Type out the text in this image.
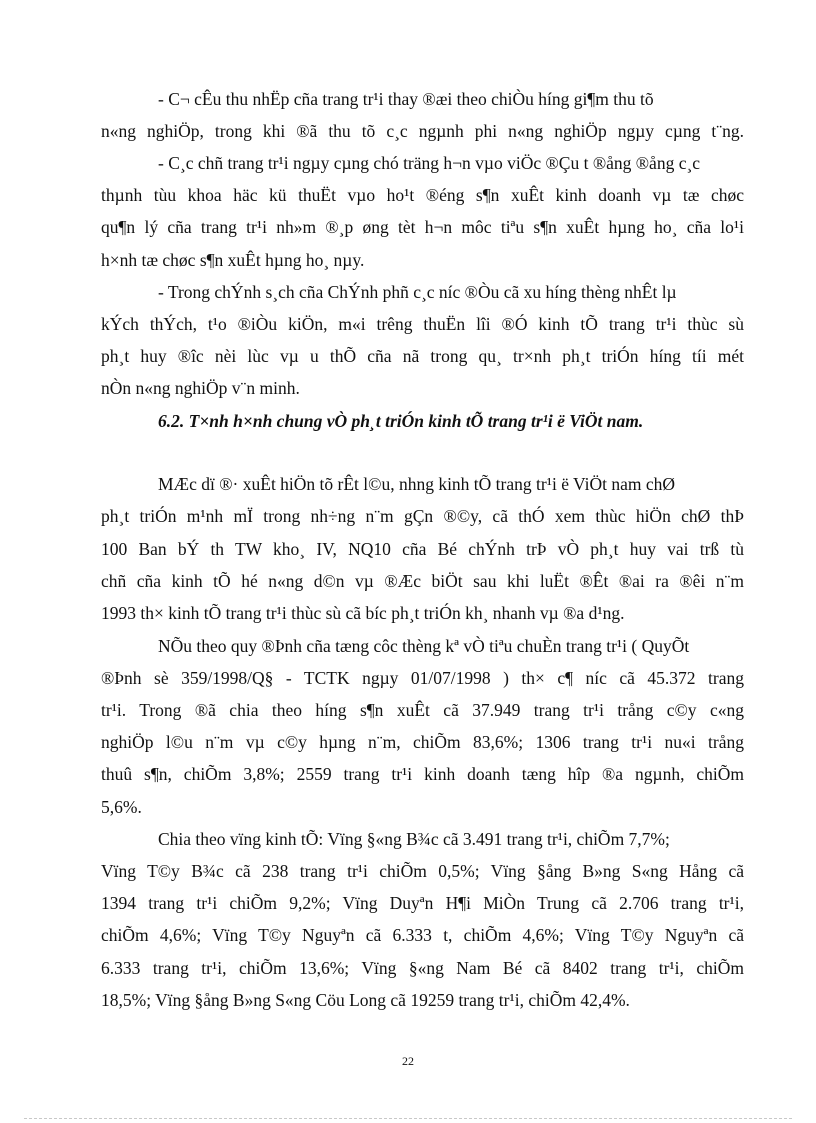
- C¬ cÊu thu nhËp cña trang tr¹i thay ®æi theo chiÒu híng gi¶m thu tõ
n«ng nghiÖp, trong khi ®ã thu tõ c¸c ngµnh phi n«ng nghiÖp ngµy cµng t¨ng.
- C¸c chñ trang tr¹i ngµy cµng chó träng h¬n vµo viÖc ®Çu t ®ång ®ång c¸c
thµnh tùu khoa häc kü thuËt vµo ho¹t ®éng s¶n xuÊt kinh doanh vµ tæ chøc
qu¶n lý cña trang tr¹i nh»m ®¸p øng tèt h¬n môc tiªu s¶n xuÊt hµng ho¸ cña lo¹i
h×nh tæ chøc s¶n xuÊt hµng ho¸ nµy.
- Trong chÝnh s¸ch cña ChÝnh phñ c¸c níc ®Òu cã xu híng thèng nhÊt lµ
kÝch thÝch, t¹o ®iÒu kiÖn, m«i trêng thuËn lîi ®Ó kinh tÕ trang tr¹i thùc sù
ph¸t huy ®îc nèi lùc vµ u thÕ cña nã trong qu¸ tr×nh ph¸t triÓn híng tíi mét
nÒn n«ng nghiÖp v¨n minh.
6.2. T×nh h×nh chung vÒ ph¸t triÓn kinh tÕ trang tr¹i ë ViÖt nam.
MÆc dï ®· xuÊt hiÖn tõ rÊt l©u, nhng kinh tÕ trang tr¹i ë ViÖt nam chØ
ph¸t triÓn m¹nh mÏ trong nh÷ng n¨m gÇn ®©y, cã thÓ xem thùc hiÖn chØ thÞ
100 Ban bÝ th TW kho¸ IV, NQ10 cña Bé chÝnh trÞ vÒ ph¸t huy vai trß tù
chñ cña kinh tÕ hé n«ng d©n vµ ®Æc biÖt sau khi luËt ®Êt ®ai ra ®êi n¨m
1993 th× kinh tÕ trang tr¹i thùc sù cã bíc ph¸t triÓn kh¸ nhanh vµ ®a d¹ng.
NÕu theo quy ®Þnh cña tæng côc thèng kª vÒ tiªu chuÈn trang tr¹i ( QuyÕt
®Þnh sè 359/1998/Q§ - TCTK ngµy 01/07/1998 ) th× c¶ níc cã 45.372 trang
tr¹i. Trong ®ã chia theo híng s¶n xuÊt cã 37.949 trang tr¹i trång c©y c«ng
nghiÖp l©u n¨m vµ c©y hµng n¨m, chiÕm 83,6%; 1306 trang tr¹i nu«i trång
thuû s¶n, chiÕm 3,8%; 2559 trang tr¹i kinh doanh tæng hîp ®a ngµnh, chiÕm
5,6%.
Chia theo vïng kinh tÕ: Vïng §«ng B¾c cã 3.491 trang tr¹i, chiÕm 7,7%;
Vïng T©y B¾c cã 238 trang tr¹i chiÕm 0,5%; Vïng §ång B»ng S«ng Hång cã
1394 trang tr¹i chiÕm 9,2%; Vïng Duyªn H¶i MiÒn Trung cã 2.706 trang tr¹i,
chiÕm 4,6%; Vïng T©y Nguyªn cã 6.333 t, chiÕm 4,6%; Vïng T©y Nguyªn cã
6.333 trang tr¹i, chiÕm 13,6%; Vïng §«ng Nam Bé cã 8402 trang tr¹i, chiÕm
18,5%; Vïng §ång B»ng S«ng Cöu Long cã 19259 trang tr¹i, chiÕm 42,4%.
22
